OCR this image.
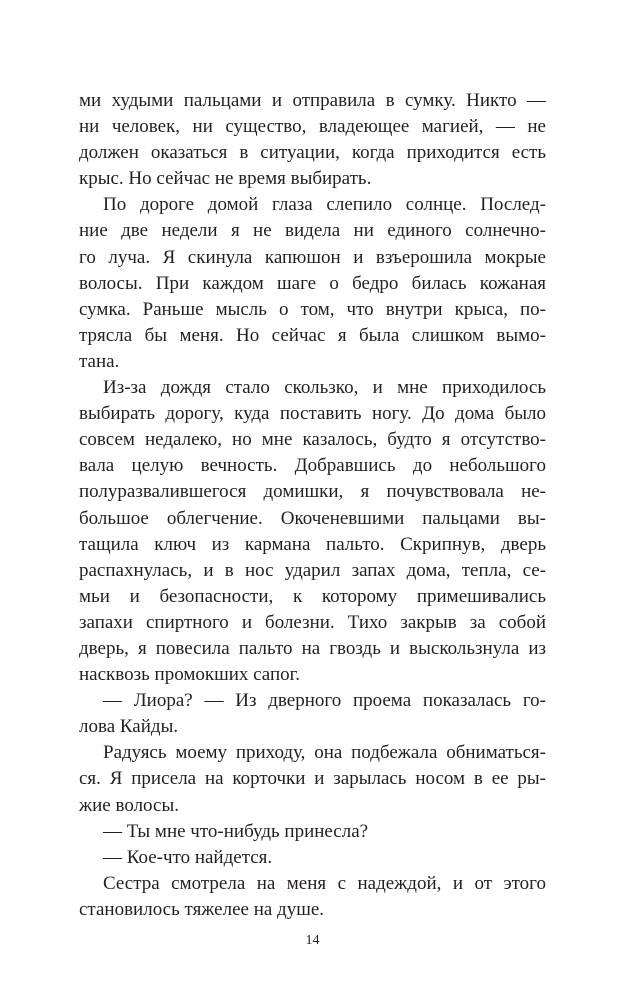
ми худыми пальцами и отправила в сумку. Никто —
ни человек, ни существо, владеющее магией, — не
должен оказаться в ситуации, когда приходится есть
крыс. Но сейчас не время выбирать.
По дороге домой глаза слепило солнце. Послед-
ние две недели я не видела ни единого солнечно-
го луча. Я скинула капюшон и взъерошила мокрые
волосы. При каждом шаге о бедро билась кожаная
сумка. Раньше мысль о том, что внутри крыса, по-
трясла бы меня. Но сейчас я была слишком вымо-
тана.
Из-за дождя стало скользко, и мне приходилось
выбирать дорогу, куда поставить ногу. До дома было
совсем недалеко, но мне казалось, будто я отсутство-
вала целую вечность. Добравшись до небольшого
полуразвалившегося домишки, я почувствовала не-
большое облегчение. Окоченевшими пальцами вы-
тащила ключ из кармана пальто. Скрипнув, дверь
распахнулась, и в нос ударил запах дома, тепла, се-
мьи и безопасности, к которому примешивались
запахи спиртного и болезни. Тихо закрыв за собой
дверь, я повесила пальто на гвоздь и выскользнула из
насквозь промокших сапог.
— Лиора? — Из дверного проема показалась го-
лова Кайды.
Радуясь моему приходу, она подбежала обниматься-
ся. Я присела на корточки и зарылась носом в ее ры-
жие волосы.
— Ты мне что-нибудь принесла?
— Кое-что найдется.
Сестра смотрела на меня с надеждой, и от этого
становилось тяжелее на душе.
14
